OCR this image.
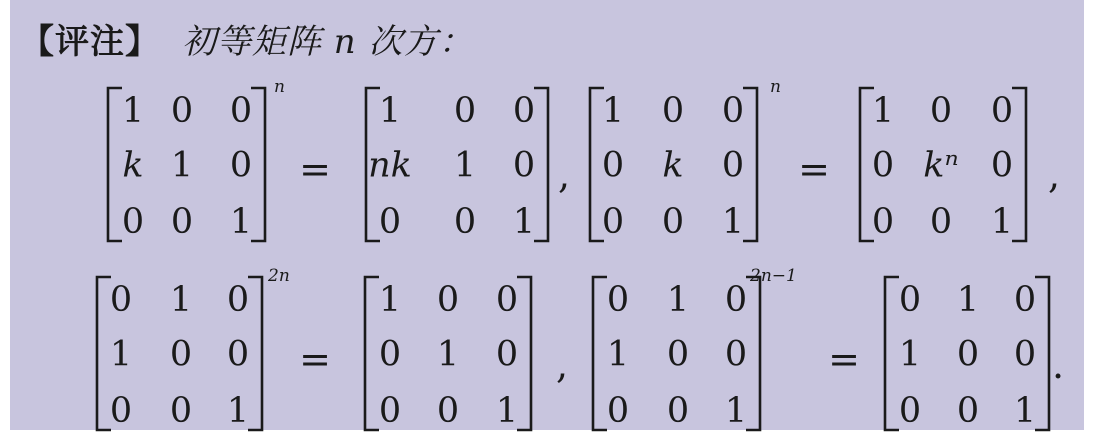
【评注】 初等矩阵 n 次方：
1 0 0
k 1 0
0 0 1
n
=
1 0 0
nk 1 0
0 0 1
,
1 0 0
0 k 0
0 0 1
n
=
1 0 0
0 kⁿ 0
0 0 1
,
0 1 0
1 0 0
0 0 1
2n
=
1 0 0
0 1 0
0 0 1
,
0 1 0
1 0 0
0 0 1
2n−1
=
0 1 0
1 0 0
0 0 1
.
